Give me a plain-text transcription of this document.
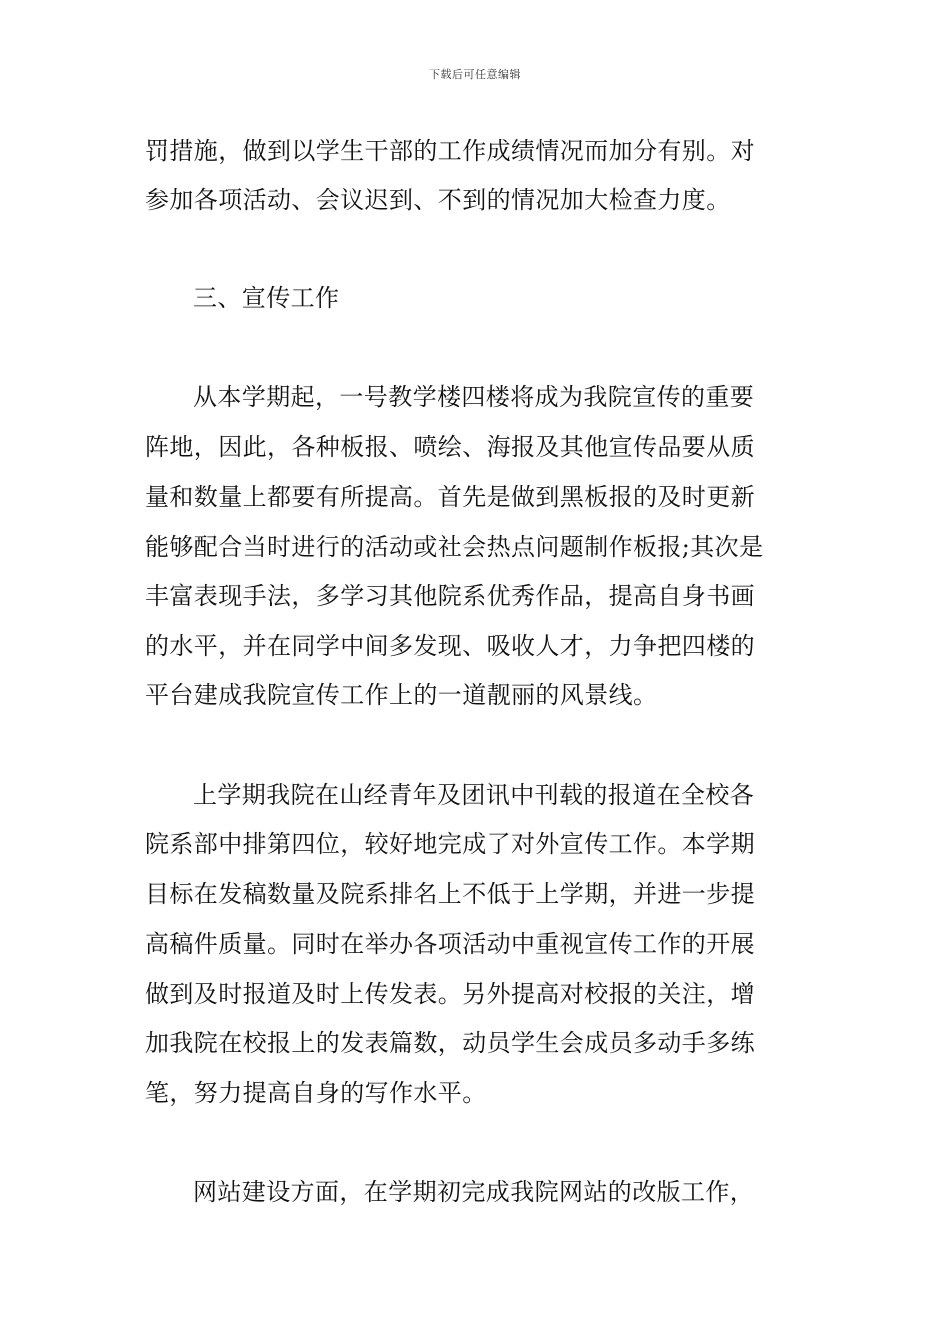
下载后可任意编辑
罚措施，做到以学生干部的工作成绩情况而加分有别。对
参加各项活动、会议迟到、不到的情况加大检查力度。
三、宣传工作
从本学期起，一号教学楼四楼将成为我院宣传的重要
阵地，因此，各种板报、喷绘、海报及其他宣传品要从质
量和数量上都要有所提高。首先是做到黑板报的及时更新
能够配合当时进行的活动或社会热点问题制作板报;其次是
丰富表现手法，多学习其他院系优秀作品，提高自身书画
的水平，并在同学中间多发现、吸收人才，力争把四楼的
平台建成我院宣传工作上的一道靓丽的风景线。
上学期我院在山经青年及团讯中刊载的报道在全校各
院系部中排第四位，较好地完成了对外宣传工作。本学期
目标在发稿数量及院系排名上不低于上学期，并进一步提
高稿件质量。同时在举办各项活动中重视宣传工作的开展
做到及时报道及时上传发表。另外提高对校报的关注，增
加我院在校报上的发表篇数，动员学生会成员多动手多练
笔，努力提高自身的写作水平。
网站建设方面，在学期初完成我院网站的改版工作，
